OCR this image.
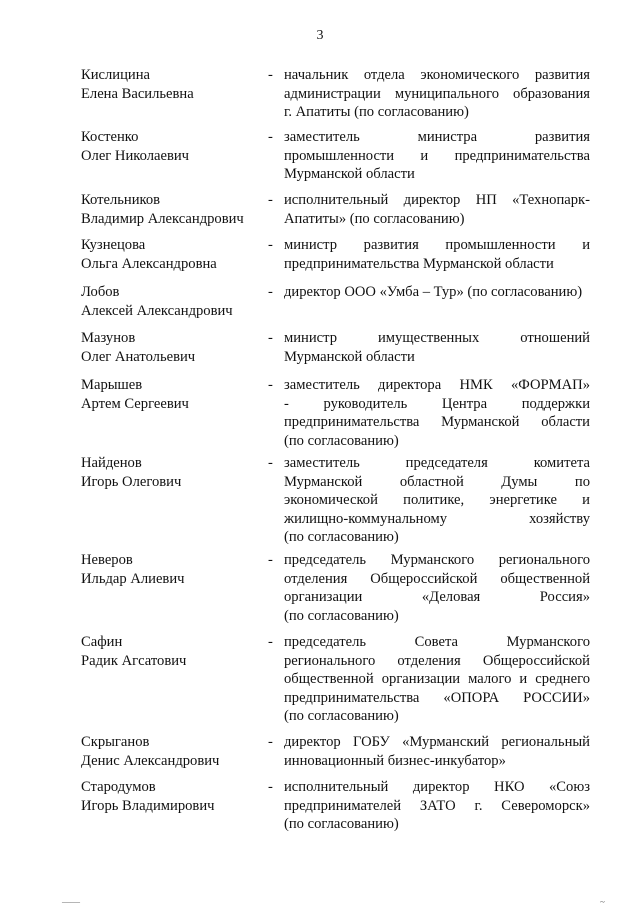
3
Кислицина
Елена Васильевна
- начальник отдела экономического развития
администрации муниципального образования
г. Апатиты (по согласованию)
Костенко
Олег Николаевич
- заместитель министра развития
промышленности и предпринимательства
Мурманской области
Котельников
Владимир Александрович
- исполнительный директор НП «Технопарк-
Апатиты» (по согласованию)
Кузнецова
Ольга Александровна
- министр развития промышленности и
предпринимательства Мурманской области
Лобов
Алексей Александрович
- директор ООО «Умба – Тур» (по согласованию)
Мазунов
Олег Анатольевич
- министр имущественных отношений
Мурманской области
Марышев
Артем Сергеевич
- заместитель директора НМК «ФОРМАП»
- руководитель Центра поддержки
предпринимательства Мурманской области
(по согласованию)
Найденов
Игорь Олегович
- заместитель председателя комитета
Мурманской областной Думы по
экономической политике, энергетике и
жилищно-коммунальному хозяйству
(по согласованию)
Неверов
Ильдар Алиевич
- председатель Мурманского регионального
отделения Общероссийской общественной
организации «Деловая Россия»
(по согласованию)
Сафин
Радик Агсатович
- председатель Совета Мурманского
регионального отделения Общероссийской
общественной организации малого и среднего
предпринимательства «ОПОРА РОССИИ»
(по согласованию)
Скрыганов
Денис Александрович
- директор ГОБУ «Мурманский региональный
инновационный бизнес-инкубатор»
Стародумов
Игорь Владимирович
- исполнительный директор НКО «Союз
предпринимателей ЗАТО г. Североморск»
(по согласованию)
——	~
